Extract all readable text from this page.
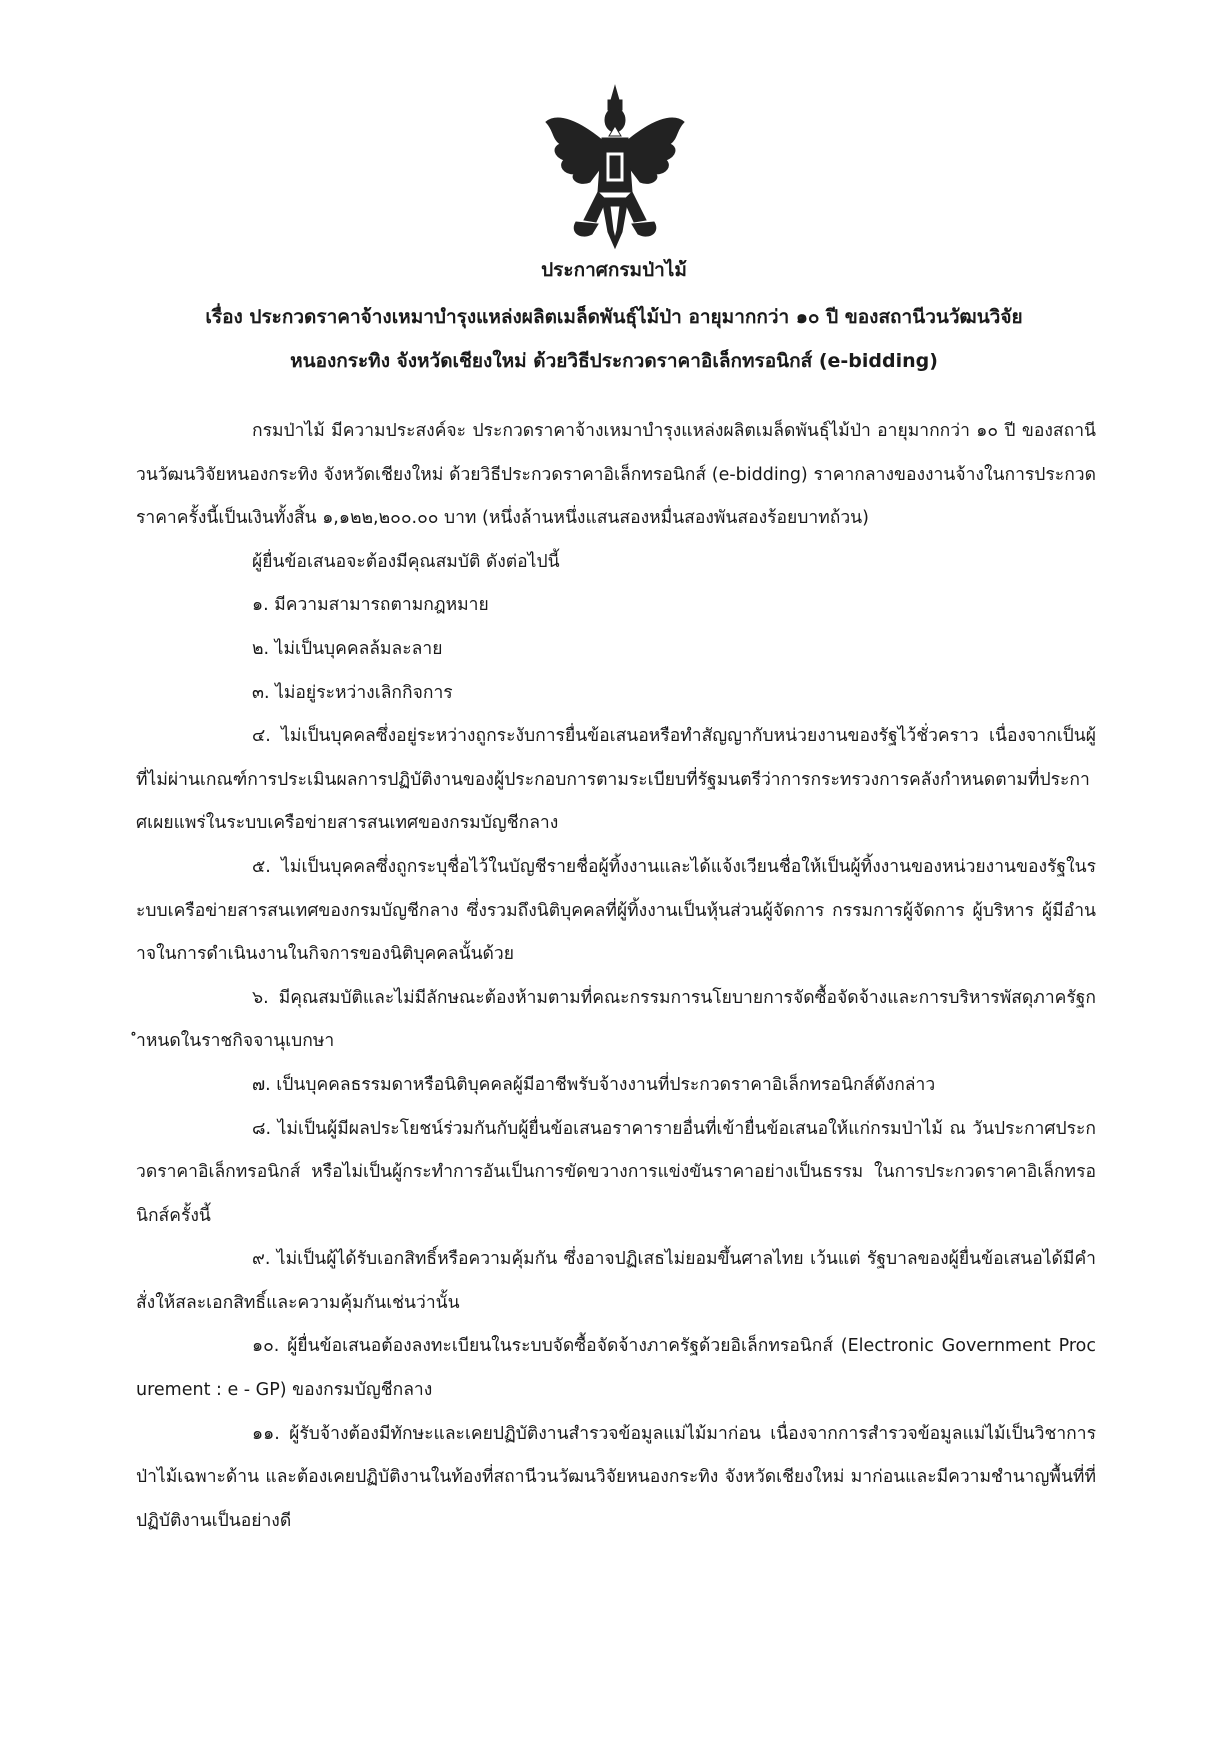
ประกาศกรมป่าไม้
เรื่อง ประกวดราคาจ้างเหมาบำรุงแหล่งผลิตเมล็ดพันธุ์ไม้ป่า อายุมากกว่า ๑๐ ปี ของสถานีวนวัฒนวิจัย
หนองกระทิง จังหวัดเชียงใหม่ ด้วยวิธีประกวดราคาอิเล็กทรอนิกส์ (e-bidding)

กรมป่าไม้ มีความประสงค์จะ ประกวดราคาจ้างเหมาบำรุงแหล่งผลิตเมล็ดพันธุ์ไม้ป่า อายุมากกว่า ๑๐ ปี ของสถานีวนวัฒนวิจัยหนองกระทิง จังหวัดเชียงใหม่ ด้วยวิธีประกวดราคาอิเล็กทรอนิกส์ (e-bidding) ราคากลางของงานจ้างในการประกวดราคาครั้งนี้เป็นเงินทั้งสิ้น ๑,๑๒๒,๒๐๐.๐๐ บาท (หนึ่งล้านหนึ่งแสนสองหมื่นสองพันสองร้อยบาทถ้วน)

ผู้ยื่นข้อเสนอจะต้องมีคุณสมบัติ ดังต่อไปนี้

๑. มีความสามารถตามกฎหมาย

๒. ไม่เป็นบุคคลล้มละลาย

๓. ไม่อยู่ระหว่างเลิกกิจการ

๔. ไม่เป็นบุคคลซึ่งอยู่ระหว่างถูกระงับการยื่นข้อเสนอหรือทำสัญญากับหน่วยงานของรัฐไว้ชั่วคราว เนื่องจากเป็นผู้ที่ไม่ผ่านเกณฑ์การประเมินผลการปฏิบัติงานของผู้ประกอบการตามระเบียบที่รัฐมนตรีว่าการกระทรวงการคลังกำหนดตามที่ประกาศเผยแพร่ในระบบเครือข่ายสารสนเทศของกรมบัญชีกลาง

๕. ไม่เป็นบุคคลซึ่งถูกระบุชื่อไว้ในบัญชีรายชื่อผู้ทิ้งงานและได้แจ้งเวียนชื่อให้เป็นผู้ทิ้งงานของหน่วยงานของรัฐในระบบเครือข่ายสารสนเทศของกรมบัญชีกลาง ซึ่งรวมถึงนิติบุคคลที่ผู้ทิ้งงานเป็นหุ้นส่วนผู้จัดการ กรรมการผู้จัดการ ผู้บริหาร ผู้มีอำนาจในการดำเนินงานในกิจการของนิติบุคคลนั้นด้วย

๖. มีคุณสมบัติและไม่มีลักษณะต้องห้ามตามที่คณะกรรมการนโยบายการจัดซื้อจัดจ้างและการบริหารพัสดุภาครัฐกำหนดในราชกิจจานุเบกษา

๗. เป็นบุคคลธรรมดาหรือนิติบุคคลผู้มีอาชีพรับจ้างงานที่ประกวดราคาอิเล็กทรอนิกส์ดังกล่าว

๘. ไม่เป็นผู้มีผลประโยชน์ร่วมกันกับผู้ยื่นข้อเสนอราคารายอื่นที่เข้ายื่นข้อเสนอให้แก่กรมป่าไม้ ณ วันประกาศประกวดราคาอิเล็กทรอนิกส์ หรือไม่เป็นผู้กระทำการอันเป็นการขัดขวางการแข่งขันราคาอย่างเป็นธรรม ในการประกวดราคาอิเล็กทรอนิกส์ครั้งนี้

๙. ไม่เป็นผู้ได้รับเอกสิทธิ์หรือความคุ้มกัน ซึ่งอาจปฏิเสธไม่ยอมขึ้นศาลไทย เว้นแต่ รัฐบาลของผู้ยื่นข้อเสนอได้มีคำสั่งให้สละเอกสิทธิ์และความคุ้มกันเช่นว่านั้น

๑๐. ผู้ยื่นข้อเสนอต้องลงทะเบียนในระบบจัดซื้อจัดจ้างภาครัฐด้วยอิเล็กทรอนิกส์ (Electronic Government Procurement : e - GP) ของกรมบัญชีกลาง

๑๑. ผู้รับจ้างต้องมีทักษะและเคยปฏิบัติงานสำรวจข้อมูลแม่ไม้มาก่อน เนื่องจากการสำรวจข้อมูลแม่ไม้เป็นวิชาการป่าไม้เฉพาะด้าน และต้องเคยปฏิบัติงานในท้องที่สถานีวนวัฒนวิจัยหนองกระทิง จังหวัดเชียงใหม่ มาก่อนและมีความชำนาญพื้นที่ที่ปฏิบัติงานเป็นอย่างดี
